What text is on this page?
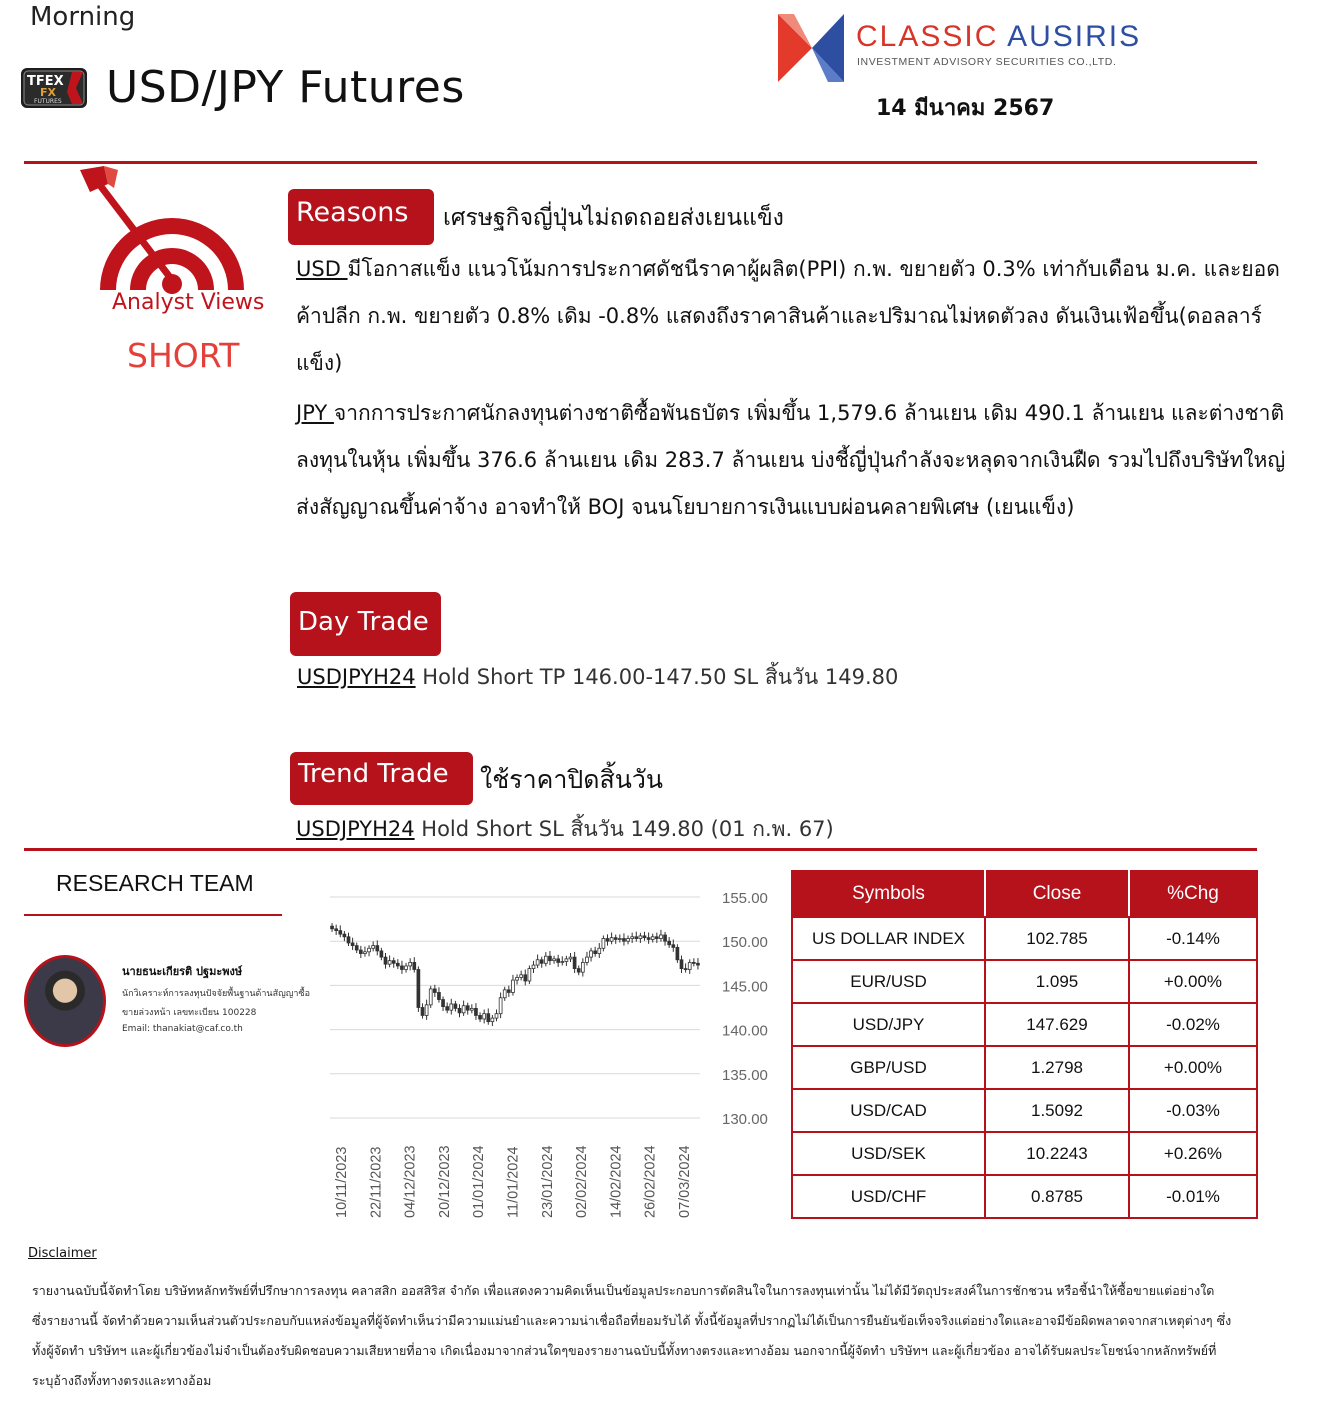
Morning
TFEX
FX
FUTURES USD/JPY Futures
CLASSIC AUSIRIS
INVESTMENT ADVISORY SECURITIES CO.,LTD.
14 มีนาคม 2567
Analyst Views
SHORT
Reasons	เศรษฐกิจญี่ปุ่นไม่ถดถอยส่งเยนแข็ง
USD มีโอกาสแข็ง แนวโน้มการประกาศดัชนีราคาผู้ผลิต(PPI) ก.พ. ขยายตัว 0.3% เท่ากับเดือน ม.ค. และยอดค้าปลีก ก.พ. ขยายตัว 0.8% เดิม -0.8% แสดงถึงราคาสินค้าและปริมาณไม่หดตัวลง ดันเงินเฟ้อขึ้น(ดอลลาร์แข็ง)
JPY จากการประกาศนักลงทุนต่างชาติซื้อพันธบัตร เพิ่มขึ้น 1,579.6 ล้านเยน เดิม 490.1 ล้านเยน และต่างชาติลงทุนในหุ้น เพิ่มขึ้น 376.6 ล้านเยน เดิม 283.7 ล้านเยน บ่งชี้ญี่ปุ่นกำลังจะหลุดจากเงินฝืด รวมไปถึงบริษัทใหญ่ส่งสัญญาณขึ้นค่าจ้าง อาจทำให้ BOJ จนนโยบายการเงินแบบผ่อนคลายพิเศษ (เยนแข็ง)
Day Trade
USDJPYH24 Hold Short TP 146.00-147.50 SL สิ้นวัน 149.80
Trend Trade	ใช้ราคาปิดสิ้นวัน
USDJPYH24 Hold Short SL สิ้นวัน 149.80 (01 ก.พ. 67)
RESEARCH TEAM
นายธนะเกียรติ ปฐมะพงษ์
นักวิเคราะห์การลงทุนปัจจัยพื้นฐานด้านสัญญาซื้อ
ขายล่วงหน้า เลขทะเบียน 100228
Email: thanakiat@caf.co.th
155.00
150.00
145.00
140.00
135.00
130.00
10/11/2023 22/11/2023 04/12/2023 20/12/2023 01/01/2024 11/01/2024 23/01/2024 02/02/2024 14/02/2024 26/02/2024 07/03/2024
Symbols	Close	%Chg
US DOLLAR INDEX	102.785	-0.14%
EUR/USD	1.095	+0.00%
USD/JPY	147.629	-0.02%
GBP/USD	1.2798	+0.00%
USD/CAD	1.5092	-0.03%
USD/SEK	10.2243	+0.26%
USD/CHF	0.8785	-0.01%
Disclaimer
รายงานฉบับนี้จัดทำโดย บริษัทหลักทรัพย์ที่ปรึกษาการลงทุน คลาสสิก ออสสิริส จำกัด เพื่อแสดงความคิดเห็นเป็นข้อมูลประกอบการตัดสินใจในการลงทุนเท่านั้น ไม่ได้มีวัตถุประสงค์ในการชักชวน หรือชี้นำให้ซื้อขายแต่อย่างใด ซึ่งรายงานนี้ จัดทำด้วยความเห็นส่วนตัวประกอบกับแหล่งข้อมูลที่ผู้จัดทำเห็นว่ามีความแม่นยำและความน่าเชื่อถือที่ยอมรับได้ ทั้งนี้ข้อมูลที่ปรากฏไม่ได้เป็นการยืนยันข้อเท็จจริงแต่อย่างใดและอาจมีข้อผิดพลาดจากสาเหตุต่างๆ ซึ่งทั้งผู้จัดทำ บริษัทฯ และผู้เกี่ยวข้องไม่จำเป็นต้องรับผิดชอบความเสียหายที่อาจ เกิดเนื่องมาจากส่วนใดๆของรายงานฉบับนี้ทั้งทางตรงและทางอ้อม นอกจากนี้ผู้จัดทำ บริษัทฯ และผู้เกี่ยวข้อง อาจได้รับผลประโยชน์จากหลักทรัพย์ที่ระบุอ้างถึงทั้งทางตรงและทางอ้อม
